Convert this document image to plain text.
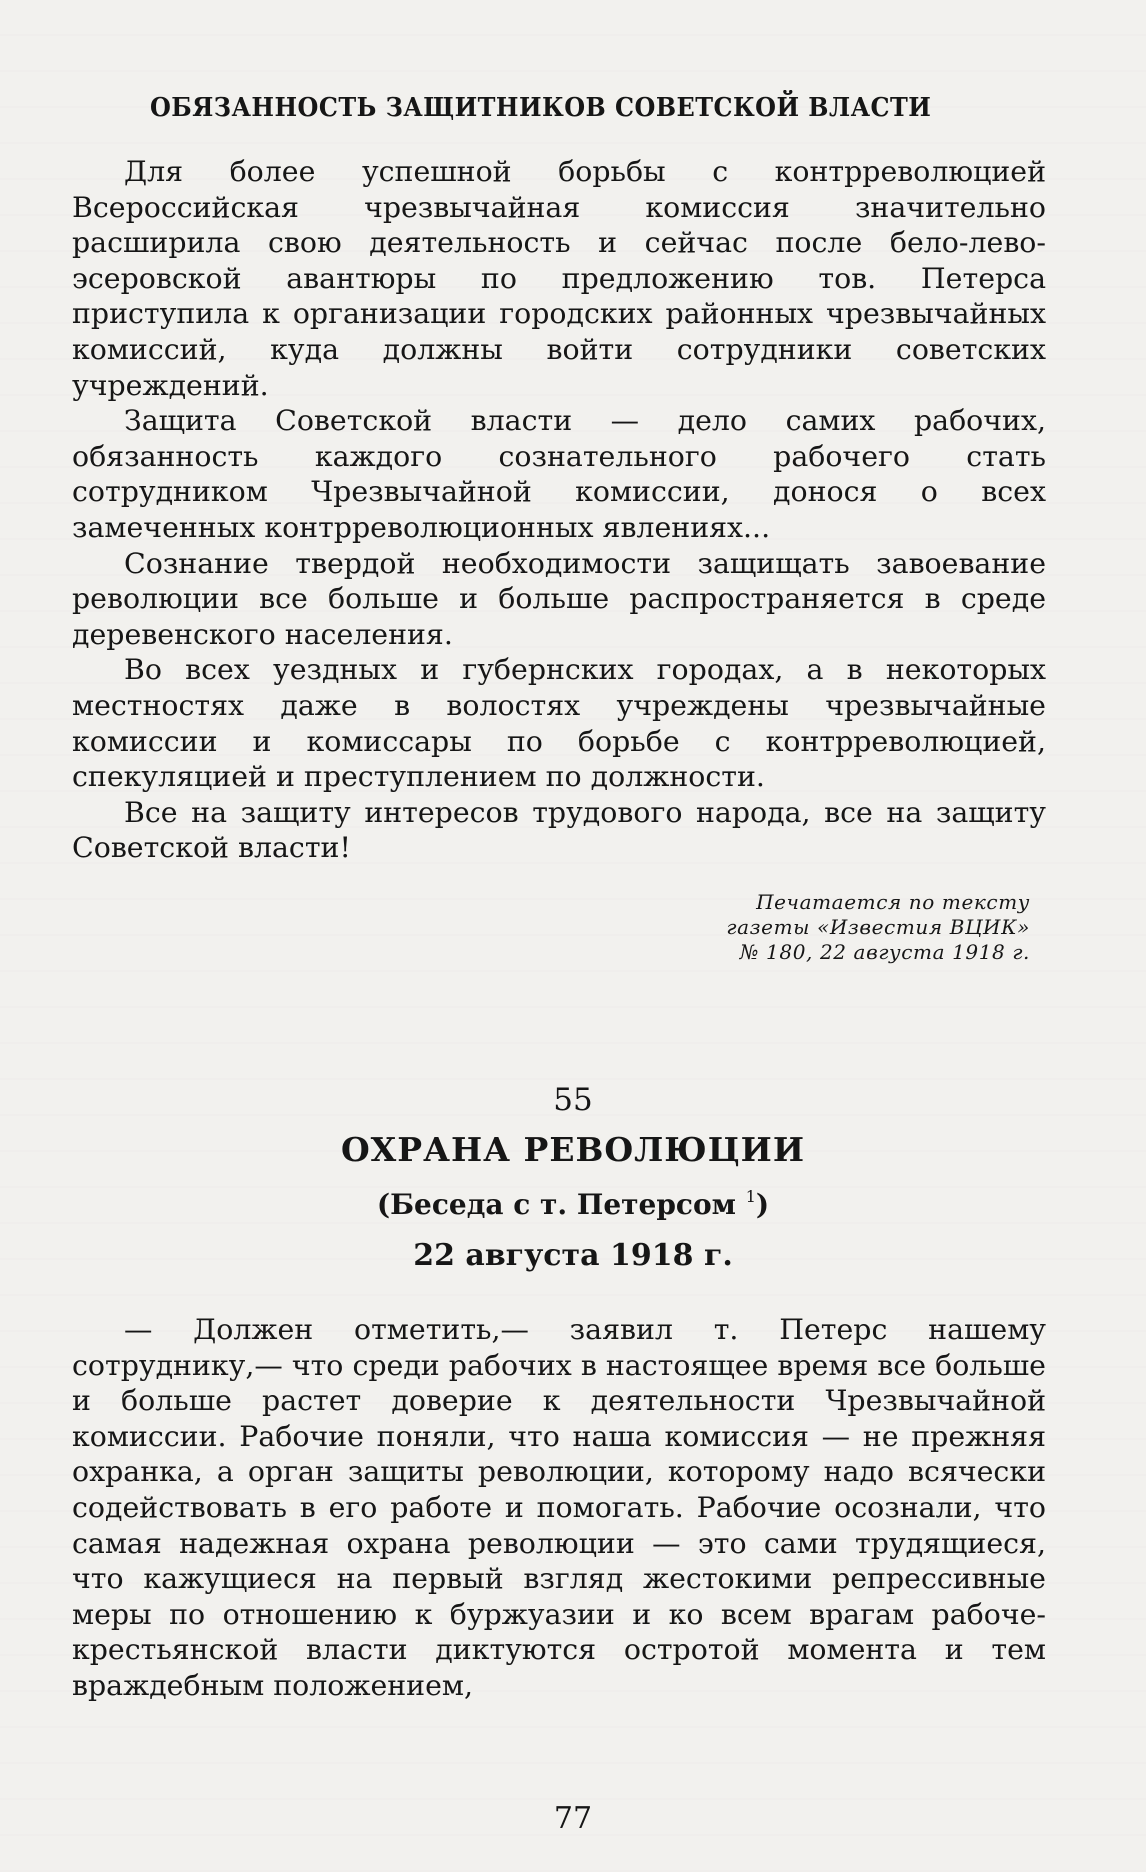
ОБЯЗАННОСТЬ ЗАЩИТНИКОВ СОВЕТСКОЙ ВЛАСТИ

Для более успешной борьбы с контрреволюцией Всероссийская чрезвычайная комиссия значительно расширила свою деятельность и сейчас после бело-лево-эсеровской авантюры по предложению тов. Петерса приступила к организации городских районных чрезвычайных комиссий, куда должны войти сотрудники советских учреждений.

Защита Советской власти — дело самих рабочих, обязанность каждого сознательного рабочего стать сотрудником Чрезвычайной комиссии, донося о всех замеченных контрреволюционных явлениях...

Сознание твердой необходимости защищать завоевание революции все больше и больше распространяется в среде деревенского населения.

Во всех уездных и губернских городах, а в некоторых местностях даже в волостях учреждены чрезвычайные комиссии и комиссары по борьбе с контрреволюцией, спекуляцией и преступлением по должности.

Все на защиту интересов трудового народа, все на защиту Советской власти!

Печатается по тексту
газеты «Известия ВЦИК»
№ 180, 22 августа 1918 г.
55
ОХРАНА РЕВОЛЮЦИИ
(Беседа с т. Петерсом $^1$)
22 августа 1918 г.

— Должен отметить,— заявил т. Петерс нашему сотруднику,— что среди рабочих в настоящее время все больше и больше растет доверие к деятельности Чрезвычайной комиссии. Рабочие поняли, что наша комиссия — не прежняя охранка, а орган защиты революции, которому надо всячески содействовать в его работе и помогать. Рабочие осознали, что самая надежная охрана революции — это сами трудящиеся, что кажущиеся на первый взгляд жестокими репрессивные меры по отношению к буржуазии и ко всем врагам рабоче-крестьянской власти диктуются остротой момента и тем враждебным положением,

77
